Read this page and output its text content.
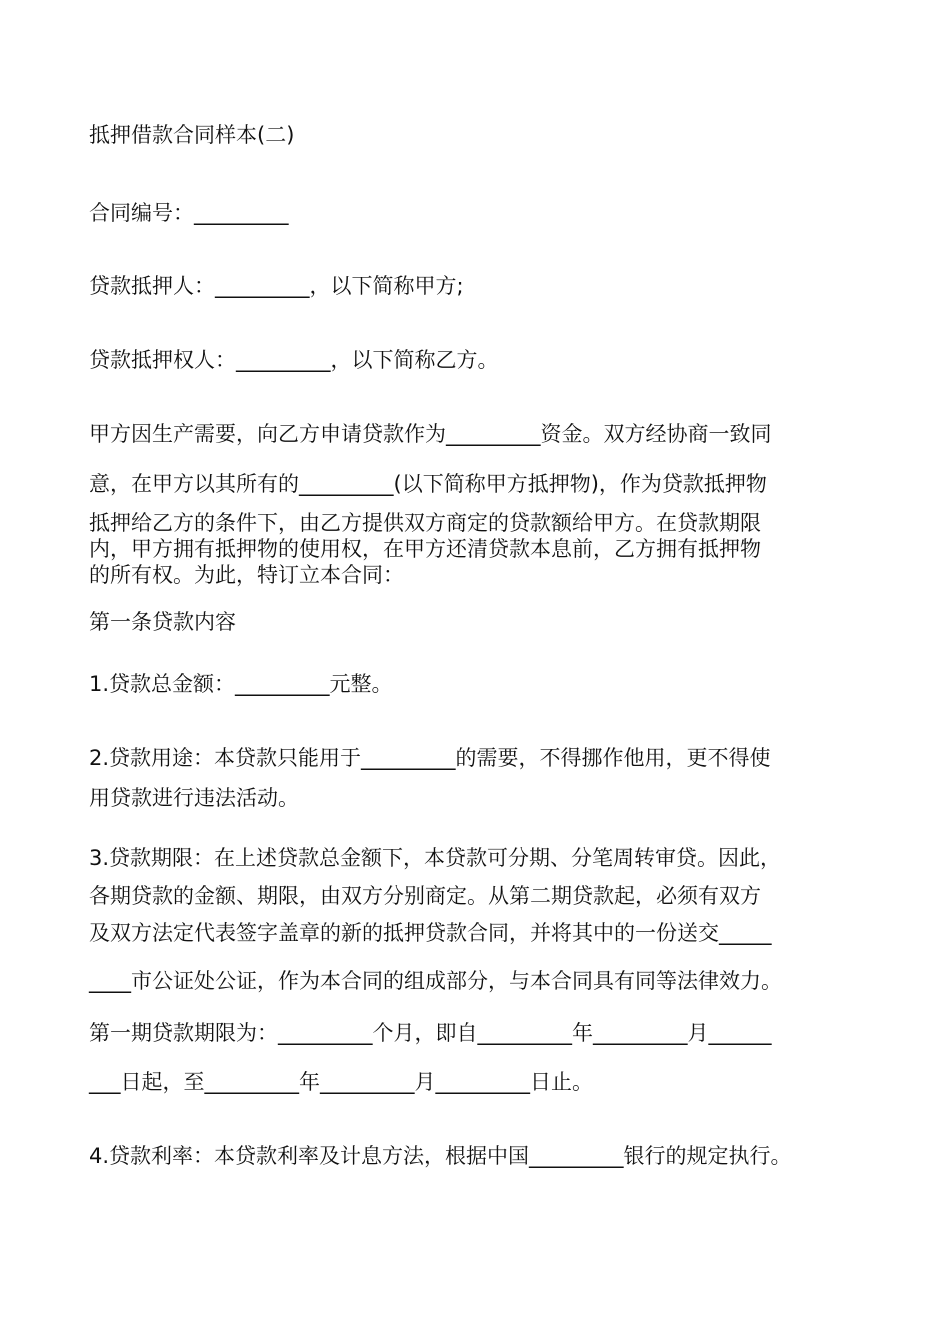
抵押借款合同样本(二)

合同编号：_________

贷款抵押人：_________，以下简称甲方;

贷款抵押权人：_________，以下简称乙方。

甲方因生产需要，向乙方申请贷款作为_________资金。双方经协商一致同

意，在甲方以其所有的_________(以下简称甲方抵押物)，作为贷款抵押物

抵押给乙方的条件下，由乙方提供双方商定的贷款额给甲方。在贷款期限

内，甲方拥有抵押物的使用权，在甲方还清贷款本息前，乙方拥有抵押物

的所有权。为此，特订立本合同：

第一条贷款内容

1.贷款总金额：_________元整。

2.贷款用途：本贷款只能用于_________的需要，不得挪作他用，更不得使

用贷款进行违法活动。

3.贷款期限：在上述贷款总金额下，本贷款可分期、分笔周转审贷。因此，

各期贷款的金额、期限，由双方分别商定。从第二期贷款起，必须有双方

及双方法定代表签字盖章的新的抵押贷款合同，并将其中的一份送交_____

____市公证处公证，作为本合同的组成部分，与本合同具有同等法律效力。

第一期贷款期限为：_________个月，即自_________年_________月______

___日起，至_________年_________月_________日止。

4.贷款利率：本贷款利率及计息方法，根据中国_________银行的规定执行。
